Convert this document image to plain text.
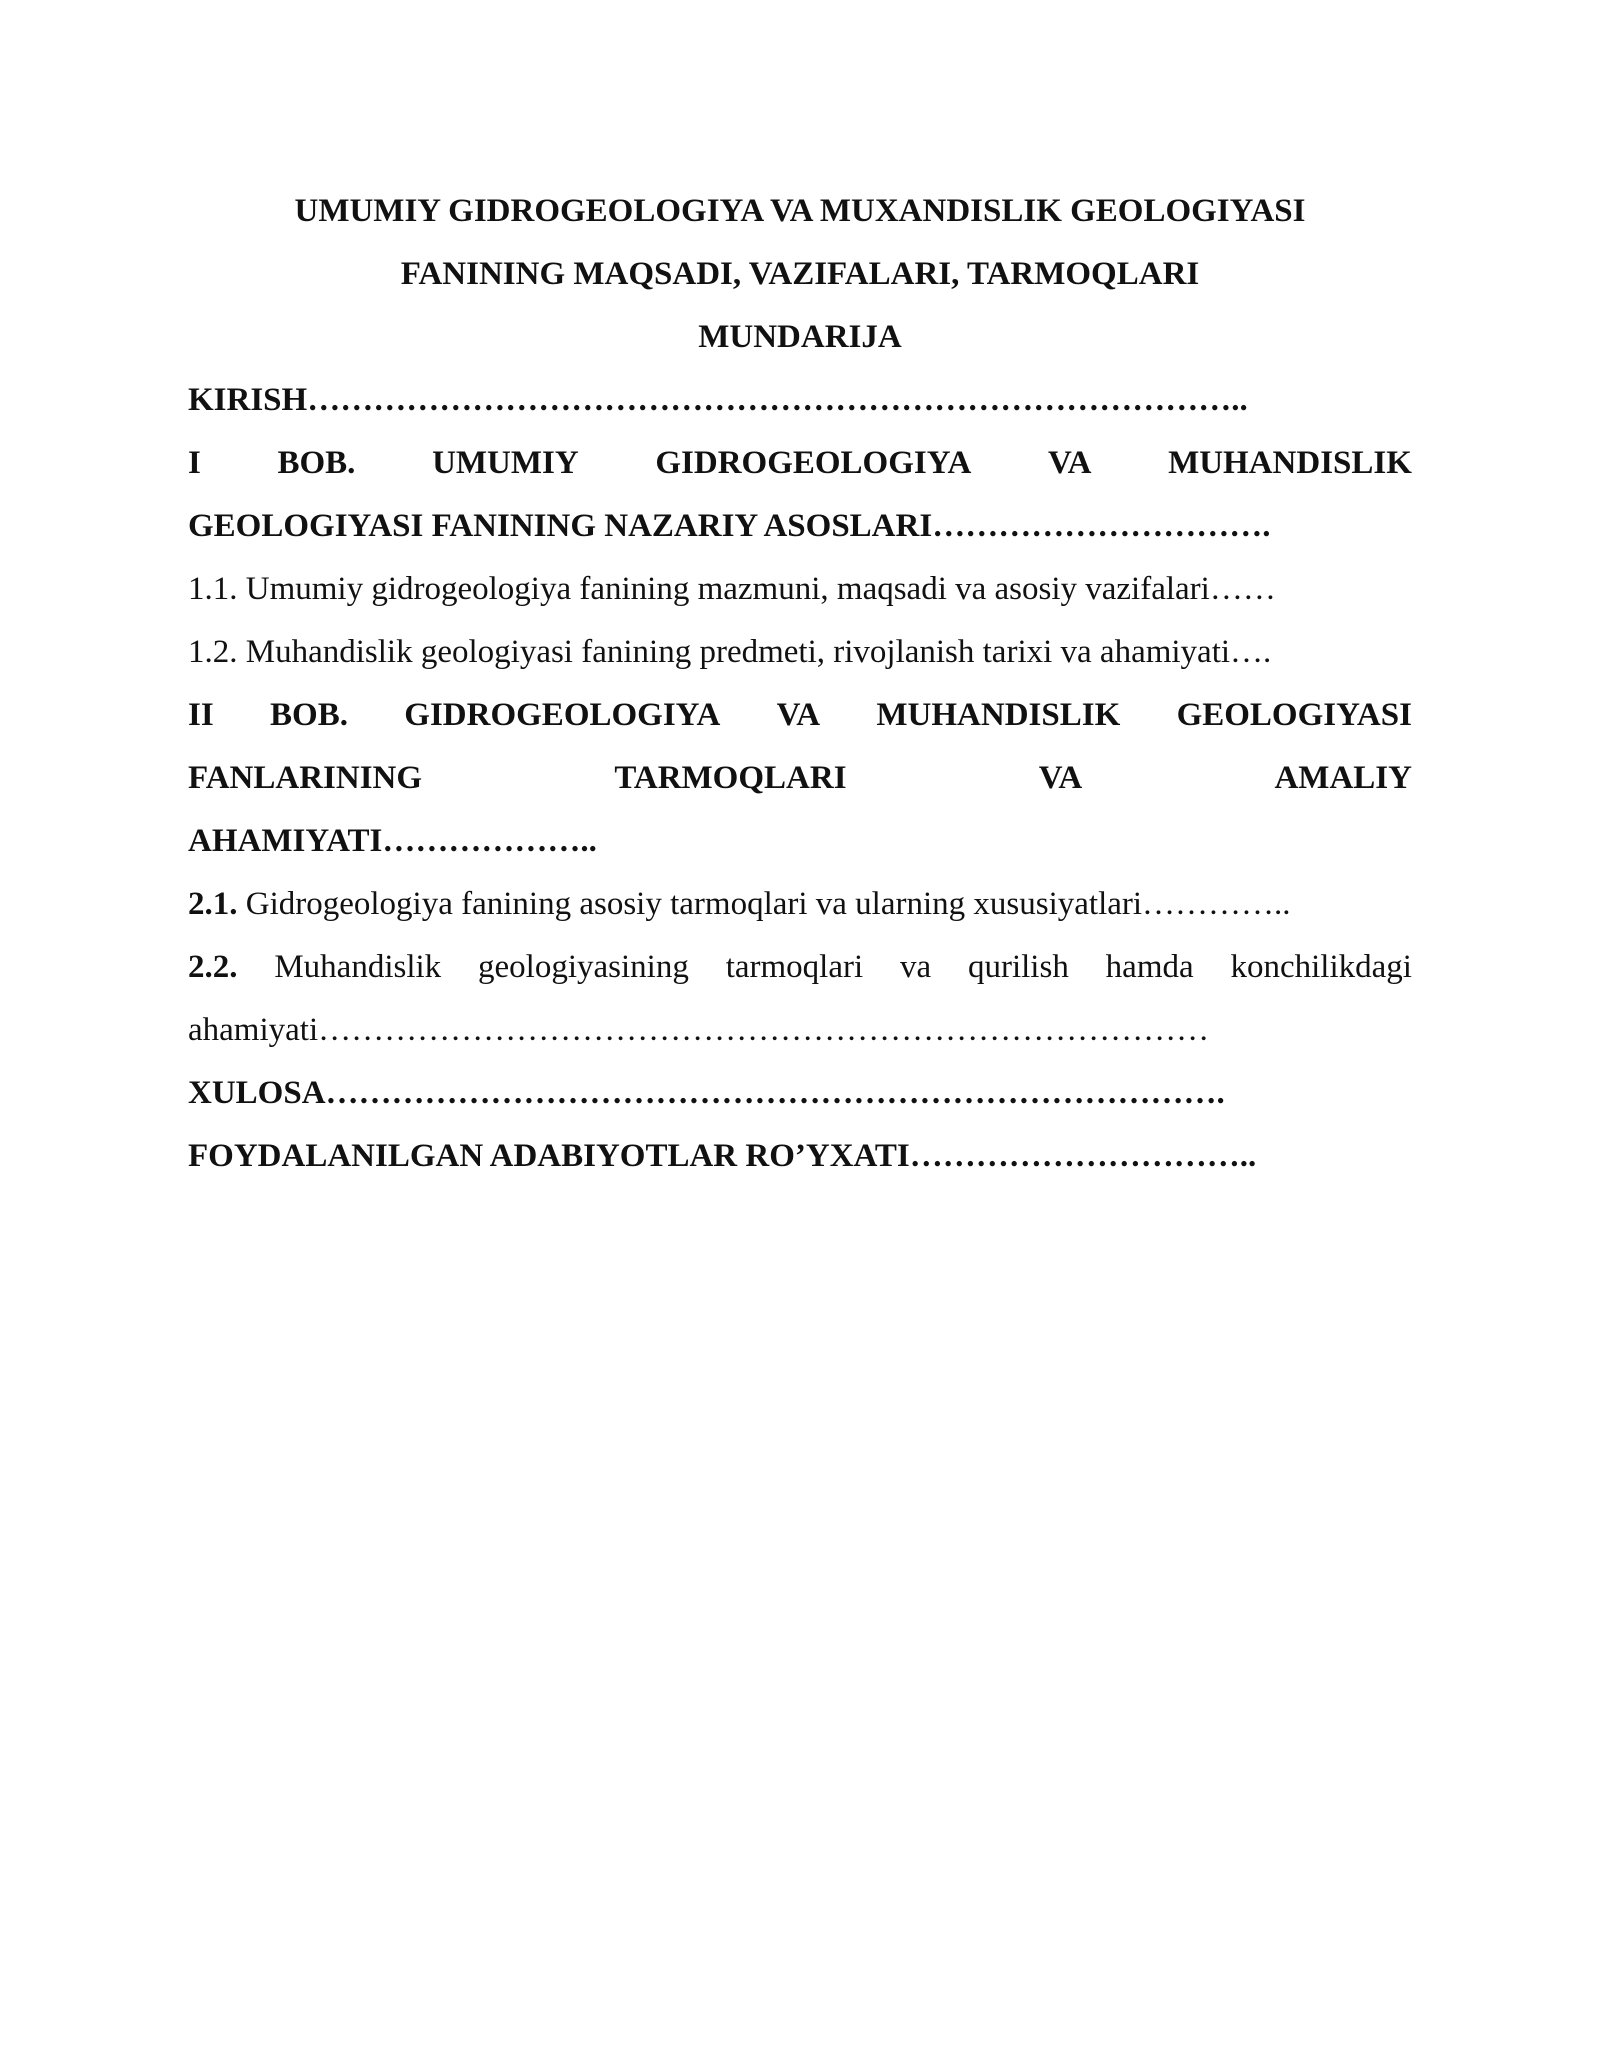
UMUMIY GIDROGEOLOGIYA VA MUXANDISLIK GEOLOGIYASI
FANINING MAQSADI, VAZIFALARI, TARMOQLARI
MUNDARIJA
KIRISH…………………………………………………………………………..
I BOB. UMUMIY GIDROGEOLOGIYA VA MUHANDISLIK
GEOLOGIYASI FANINING NAZARIY ASOSLARI………………………….
1.1. Umumiy gidrogeologiya fanining mazmuni, maqsadi va asosiy vazifalari……
1.2. Muhandislik geologiyasi fanining predmeti, rivojlanish tarixi va ahamiyati….
II BOB. GIDROGEOLOGIYA VA MUHANDISLIK GEOLOGIYASI
FANLARINING	TARMOQLARI	VA	AMALIY
AHAMIYATI………………..
2.1. Gidrogeologiya fanining asosiy tarmoqlari va ularning xususiyatlari…………..
2.2. Muhandislik geologiyasining tarmoqlari va qurilish hamda konchilikdagi
ahamiyati………………………………………………………………………
XULOSA……………………………………………………………………….
FOYDALANILGAN ADABIYOTLAR RO’YXATI…………………………..
